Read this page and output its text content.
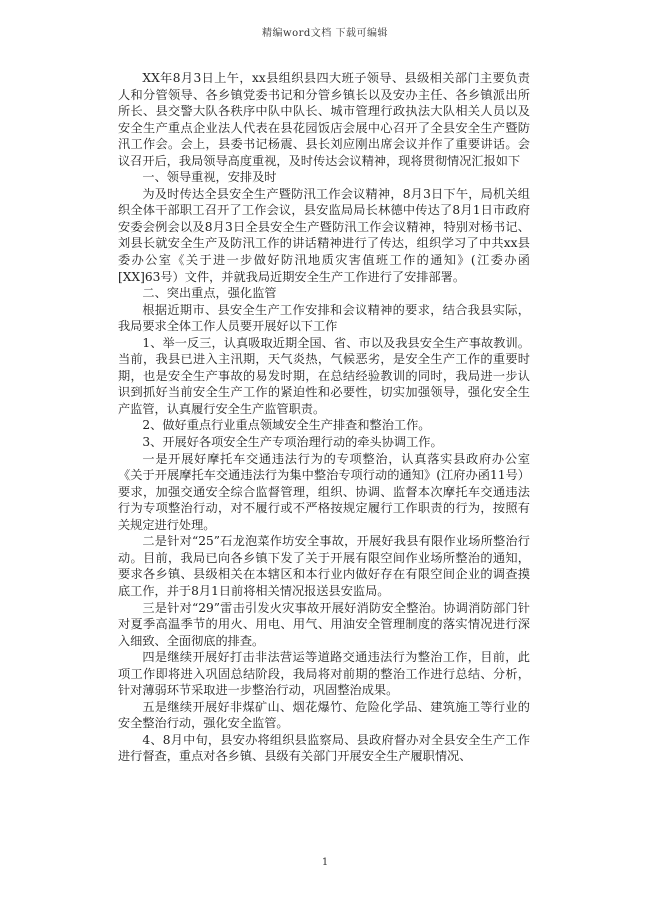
精编word文档 下载可编辑

XX年8月3日上午，xx县组织县四大班子领导、县级相关部门主要负责人和分管领导、各乡镇党委书记和分管乡镇长以及安办主任、各乡镇派出所所长、县交警大队各秩序中队中队长、城市管理行政执法大队相关人员以及安全生产重点企业法人代表在县花园饭店会展中心召开了全县安全生产暨防汛工作会。会上，县委书记杨震、县长刘应刚出席会议并作了重要讲话。会议召开后，我局领导高度重视，及时传达会议精神，现将贯彻情况汇报如下

一、领导重视，安排及时

为及时传达全县安全生产暨防汛工作会议精神，8月3日下午，局机关组织全体干部职工召开了工作会议，县安监局局长林德中传达了8月1日市政府安委会例会以及8月3日全县安全生产暨防汛工作会议精神，特别对杨书记、刘县长就安全生产及防汛工作的讲话精神进行了传达，组织学习了中共xx县委办公室《关于进一步做好防汛地质灾害值班工作的通知》(江委办函[XX]63号）文件，并就我局近期安全生产工作进行了安排部署。

二、突出重点，强化监管

根据近期市、县安全生产工作安排和会议精神的要求，结合我县实际，我局要求全体工作人员要开展好以下工作

1、举一反三，认真吸取近期全国、省、市以及我县安全生产事故教训。当前，我县已进入主汛期，天气炎热，气候恶劣，是安全生产工作的重要时期，也是安全生产事故的易发时期，在总结经验教训的同时，我局进一步认识到抓好当前安全生产工作的紧迫性和必要性，切实加强领导，强化安全生产监管，认真履行安全生产监管职责。

2、做好重点行业重点领域安全生产排查和整治工作。

3、开展好各项安全生产专项治理行动的牵头协调工作。

一是开展好摩托车交通违法行为的专项整治，认真落实县政府办公室《关于开展摩托车交通违法行为集中整治专项行动的通知》(江府办函11号）要求，加强交通安全综合监督管理，组织、协调、监督本次摩托车交通违法行为专项整治行动，对不履行或不严格按规定履行工作职责的行为，按照有关规定进行处理。

二是针对“25”石龙泡菜作坊安全事故，开展好我县有限作业场所整治行动。目前，我局已向各乡镇下发了关于开展有限空间作业场所整治的通知，要求各乡镇、县级相关在本辖区和本行业内做好存在有限空间企业的调查摸底工作，并于8月1日前将相关情况报送县安监局。

三是针对“29”雷击引发火灾事故开展好消防安全整治。协调消防部门针对夏季高温季节的用火、用电、用气、用油安全管理制度的落实情况进行深入细致、全面彻底的排查。

四是继续开展好打击非法营运等道路交通违法行为整治工作，目前，此项工作即将进入巩固总结阶段，我局将对前期的整治工作进行总结、分析，针对薄弱环节采取进一步整治行动，巩固整治成果。

五是继续开展好非煤矿山、烟花爆竹、危险化学品、建筑施工等行业的安全整治行动，强化安全监管。

4、8月中旬，县安办将组织县监察局、县政府督办对全县安全生产工作进行督查，重点对各乡镇、县级有关部门开展安全生产履职情况、

1
